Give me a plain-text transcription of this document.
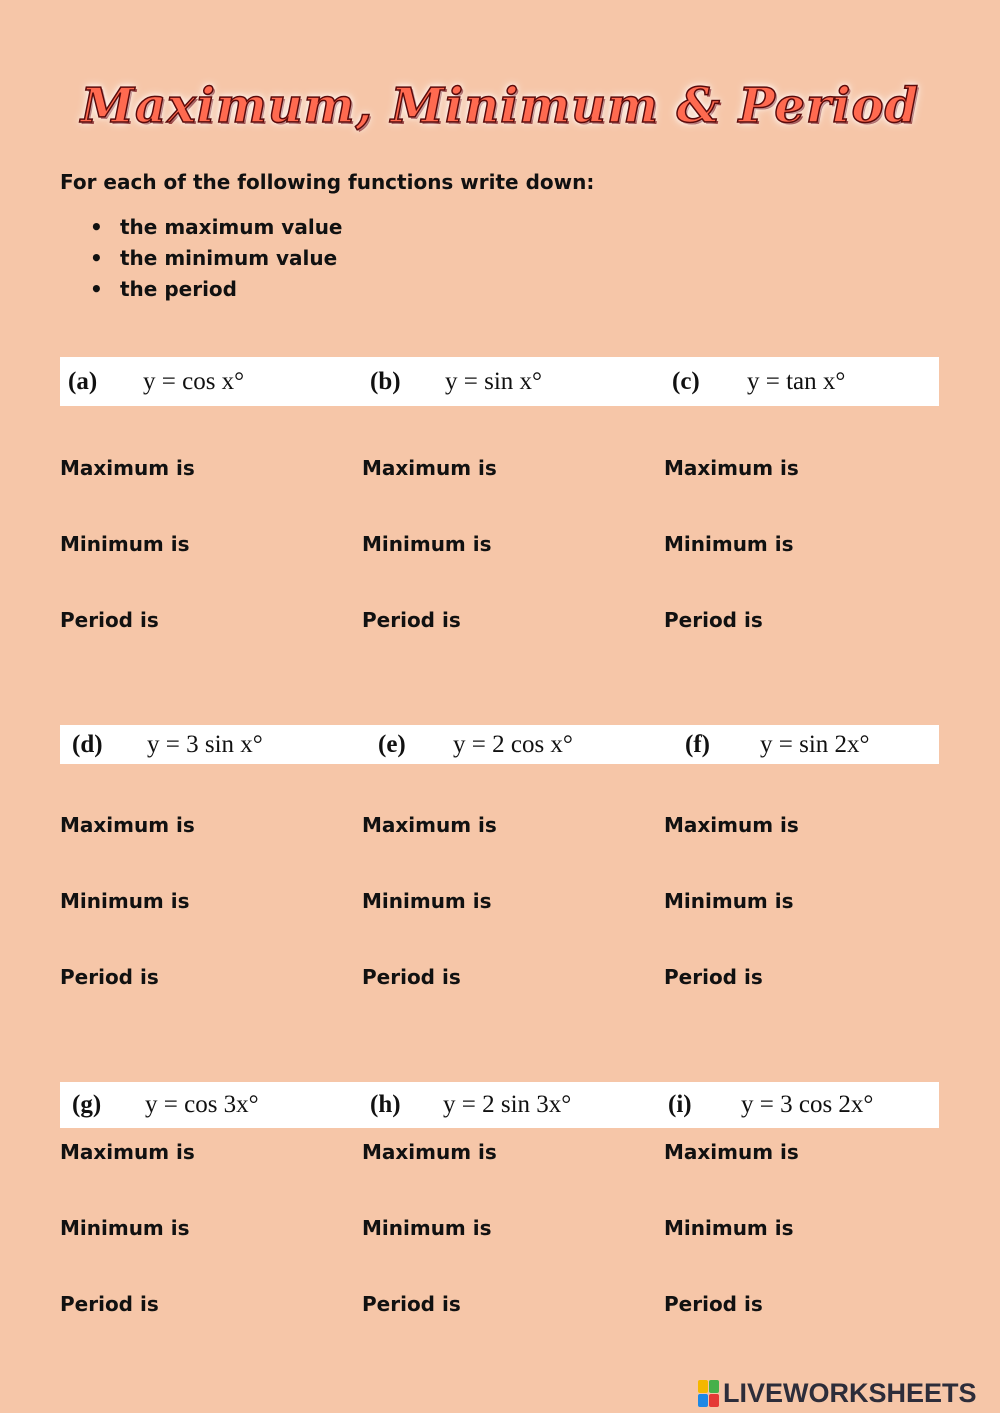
Maximum, Minimum & Period
For each of the following functions write down:
• the maximum value
• the minimum value
• the period
(a)	y = cos x°	(b)	y = sin x°	(c)	y = tan x°
Maximum is	Maximum is	Maximum is
Minimum is	Minimum is	Minimum is
Period is	Period is	Period is
(d)	y = 3 sin x°	(e)	y = 2 cos x°	(f)	y = sin 2x°
Maximum is	Maximum is	Maximum is
Minimum is	Minimum is	Minimum is
Period is	Period is	Period is
(g)	y = cos 3x°	(h)	y = 2 sin 3x°	(i)	y = 3 cos 2x°
Maximum is	Maximum is	Maximum is
Minimum is	Minimum is	Minimum is
Period is	Period is	Period is
LIVEWORKSHEETS
